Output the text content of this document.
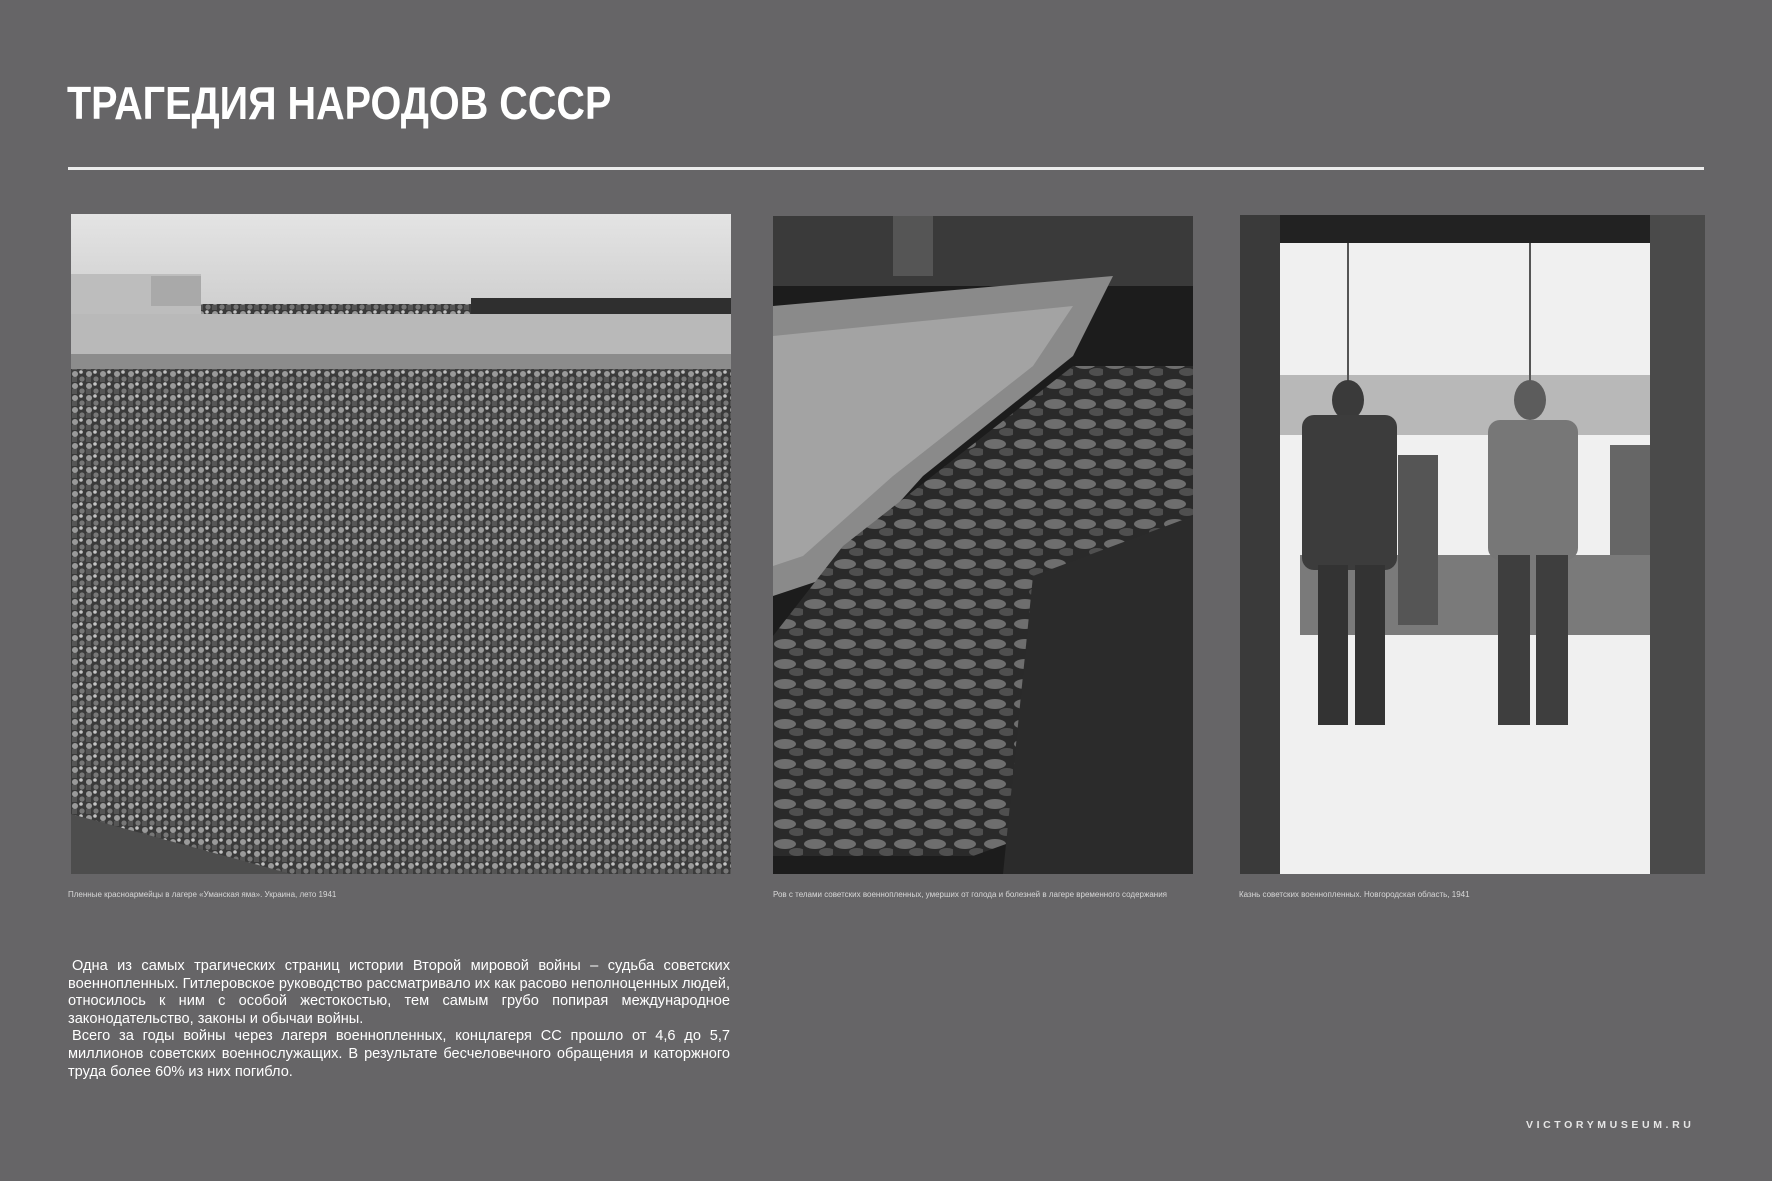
ТРАГЕДИЯ НАРОДОВ СССР
Пленные красноармейцы в лагере «Уманская яма». Украина, лето 1941	Ров с телами советских военнопленных, умерших от голода и болезней в лагере временного содержания	Казнь советских военнопленных. Новгородская область, 1941

Одна из самых трагических страниц истории Второй мировой войны – судьба советских военнопленных. Гитлеровское руководство рассматривало их как расово неполноценных людей, относилось к ним с особой жестокостью, тем самым грубо попирая международное законодательство, законы и обычаи войны.

Всего за годы войны через лагеря военнопленных, концлагеря СС прошло от 4,6 до 5,7 миллионов советских военнослужащих. В результате бесчеловечного обращения и каторжного труда более 60% из них погибло.

VICTORYMUSEUM.RU
